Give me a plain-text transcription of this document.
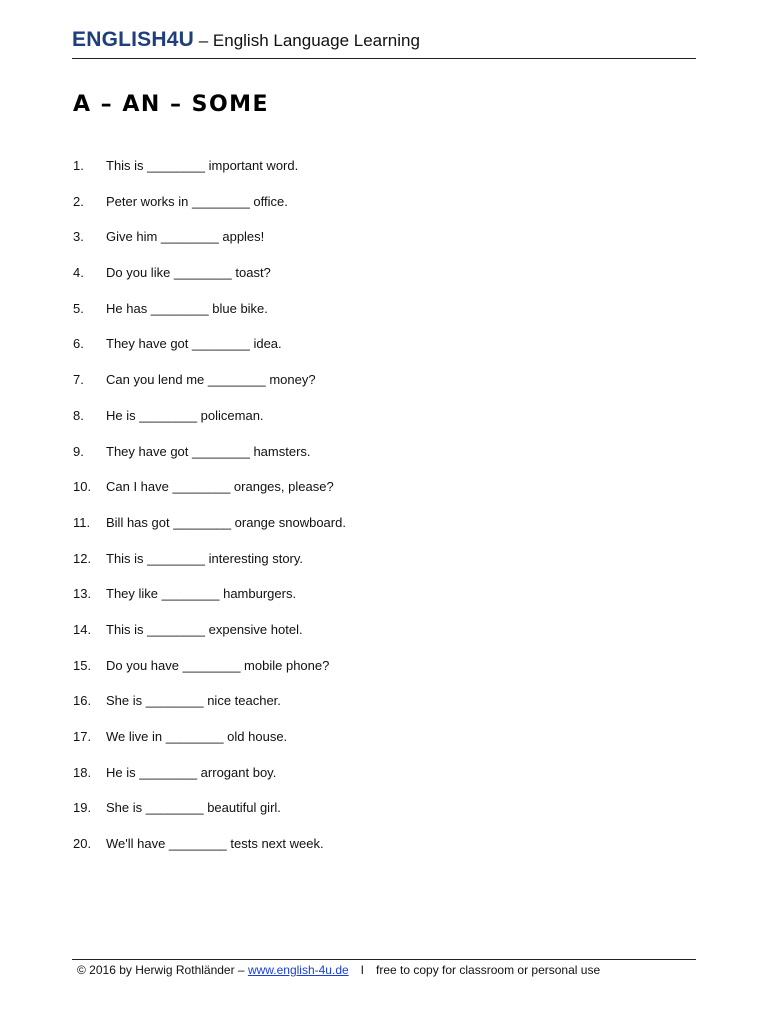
ENGLISH4U – English Language Learning
A – AN – SOME
1. This is ________ important word.
2. Peter works in ________ office.
3. Give him ________ apples!
4. Do you like ________ toast?
5. He has ________ blue bike.
6. They have got ________ idea.
7. Can you lend me ________ money?
8. He is ________ policeman.
9. They have got ________ hamsters.
10. Can I have ________ oranges, please?
11. Bill has got ________ orange snowboard.
12. This is ________ interesting story.
13. They like ________ hamburgers.
14. This is ________ expensive hotel.
15. Do you have ________ mobile phone?
16. She is ________ nice teacher.
17. We live in ________ old house.
18. He is ________ arrogant boy.
19. She is ________ beautiful girl.
20. We'll have ________ tests next week.
© 2016 by Herwig Rothländer – www.english-4u.de I free to copy for classroom or personal use
